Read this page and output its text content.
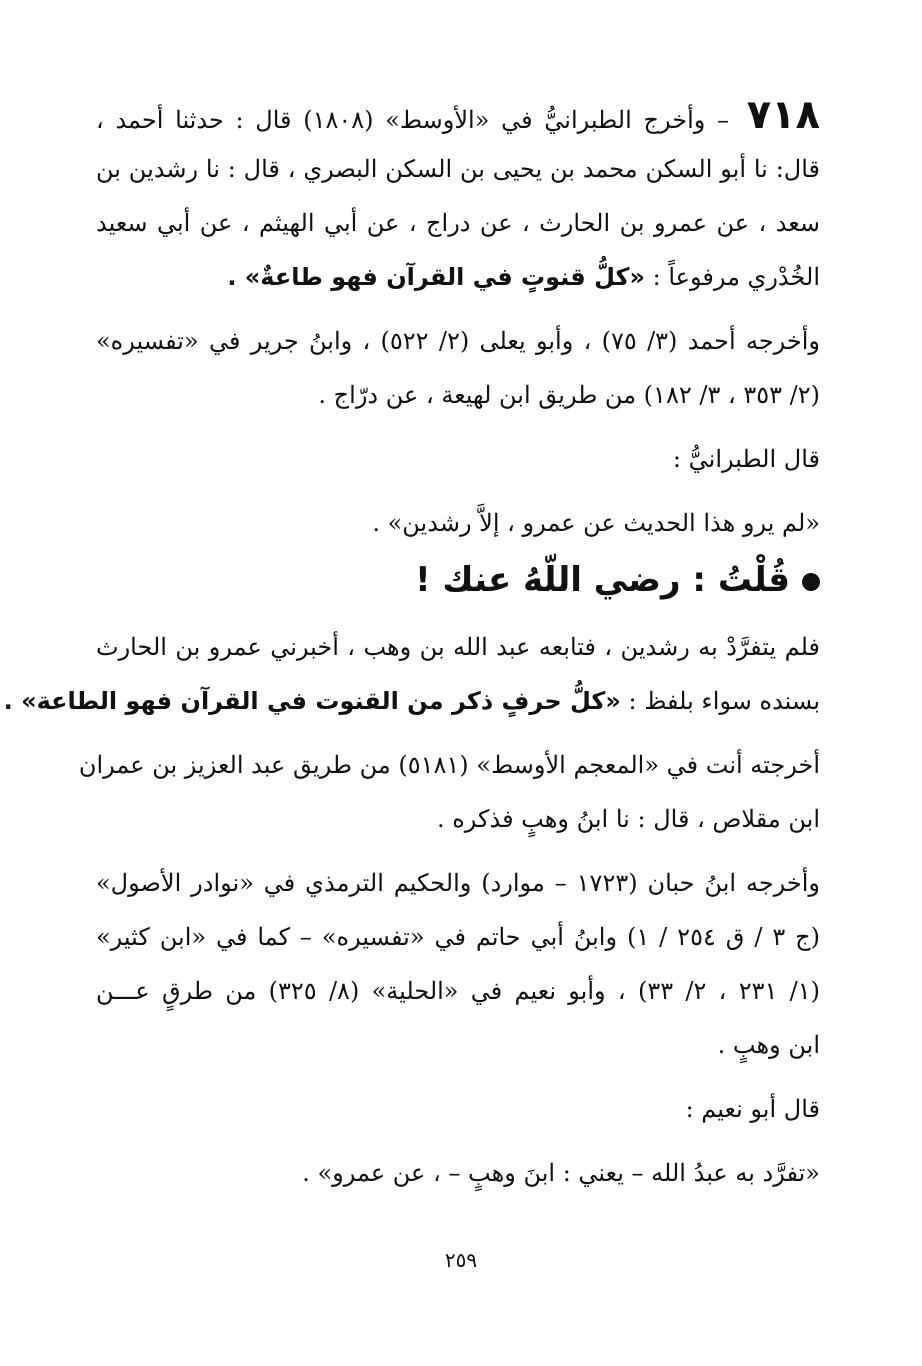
٧١٨ – وأخرج الطبرانيُّ في «الأوسط» (١٨٠٨) قال : حدثنا أحمد ،
قال: نا أبو السكن محمد بن يحيى بن السكن البصري ، قال : نا رشدين بن
سعد ، عن عمرو بن الحارث ، عن دراج ، عن أبي الهيثم ، عن أبي سعيد
الخُدْري مرفوعاً : «كلُّ قنوتٍ في القرآن فهو طاعةٌ» .
وأخرجه أحمد (٣/ ٧٥) ، وأبو يعلى (٢/ ٥٢٢) ، وابنُ جرير في «تفسيره»
(٢/ ٣٥٣ ، ٣/ ١٨٢) من طريق ابن لهيعة ، عن درّاج .
قال الطبرانيُّ :
«لم يرو هذا الحديث عن عمرو ، إلاَّ رشدين» .
قُلْتُ : رضي اللّهُ عنك !
فلم يتفرَّدْ به رشدين ، فتابعه عبد الله بن وهب ، أخبرني عمرو بن الحارث
بسنده سواء بلفظ : «كلُّ حرفٍ ذكر من القنوت في القرآن فهو الطاعة» .
أخرجته أنت في «المعجم الأوسط» (٥١٨١) من طريق عبد العزيز بن عمران
ابن مقلاص ، قال : نا ابنُ وهبٍ فذكره .
وأخرجه ابنُ حبان (١٧٢٣ – موارد) والحكيم الترمذي في «نوادر الأصول»
(ج ٣ / ق ٢٥٤ / ١) وابنُ أبي حاتم في «تفسيره» – كما في «ابن كثير»
(١/ ٢٣١ ، ٢/ ٣٣) ، وأبو نعيم في «الحلية» (٨/ ٣٢٥) من طرقٍ عـــن
ابن وهبٍ .
قال أبو نعيم :
«تفرَّد به عبدُ الله – يعني : ابنَ وهبٍ – ، عن عمرو» .
٢٥٩
